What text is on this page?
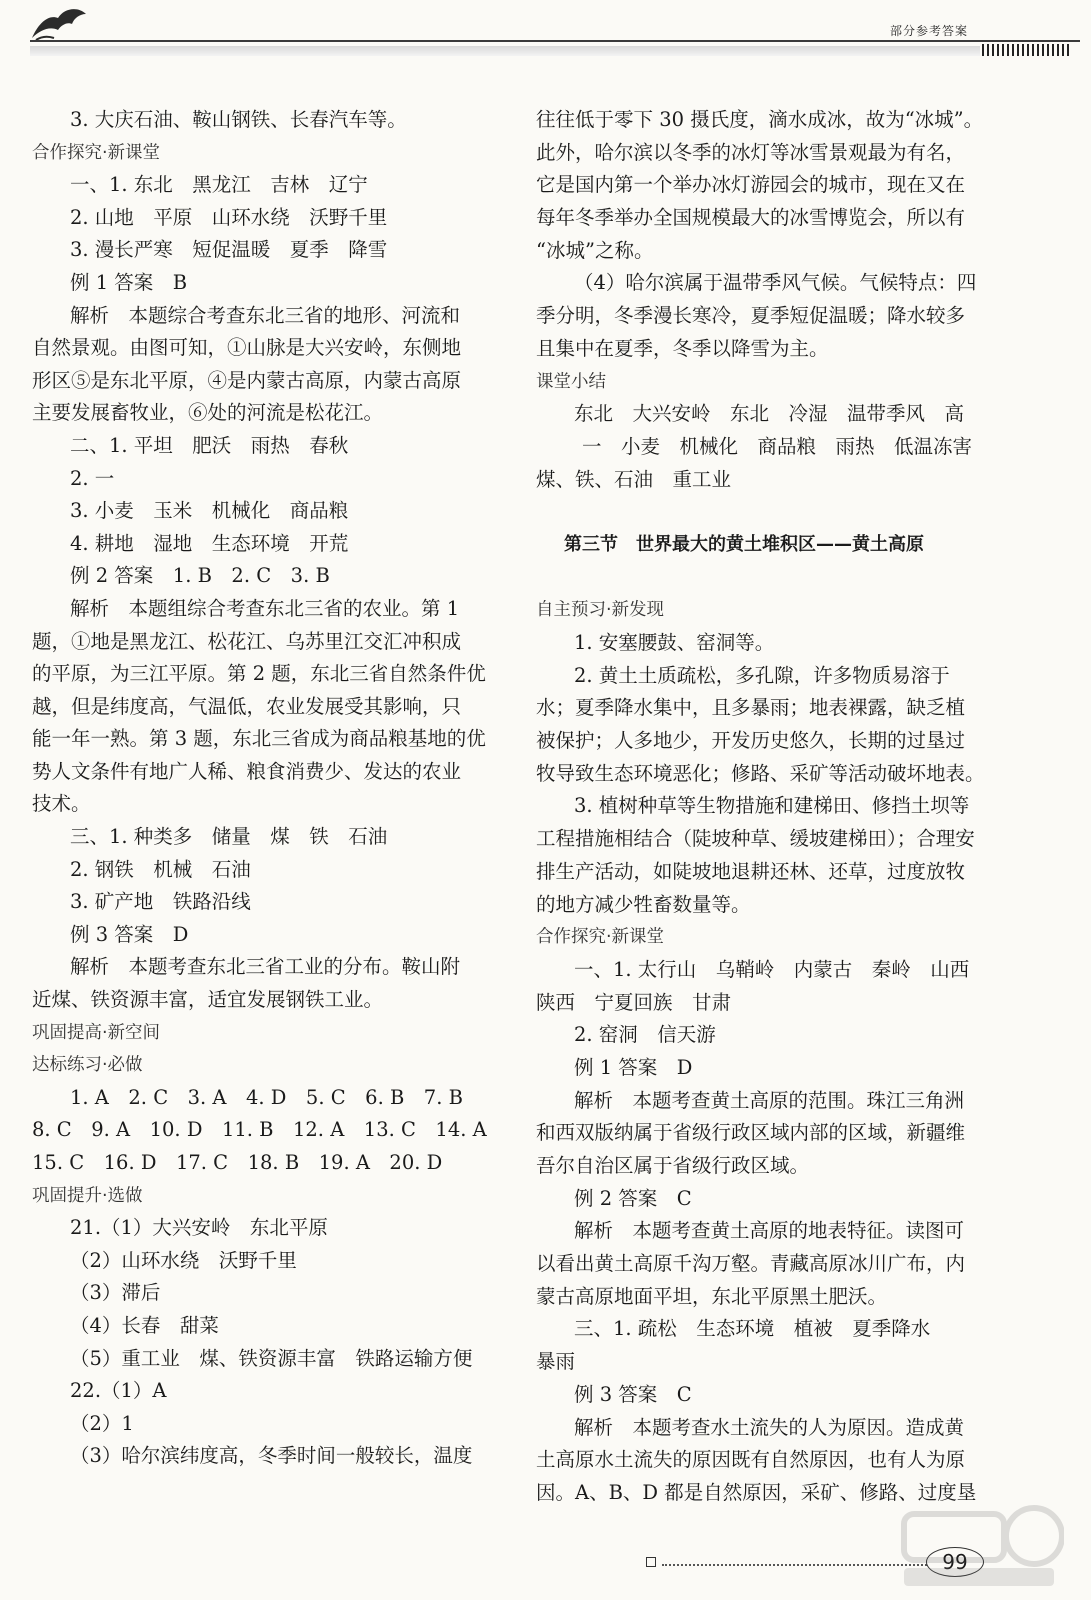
部分参考答案
3. 大庆石油、鞍山钢铁、长春汽车等。
合作探究·新课堂
一、1. 东北　黑龙江　吉林　辽宁
2. 山地　平原　山环水绕　沃野千里
3. 漫长严寒　短促温暖　夏季　降雪
例 1 答案　B
解析　本题综合考查东北三省的地形、河流和
自然景观。由图可知，①山脉是大兴安岭，东侧地
形区⑤是东北平原，④是内蒙古高原，内蒙古高原
主要发展畜牧业，⑥处的河流是松花江。
二、1. 平坦　肥沃　雨热　春秋
2. 一
3. 小麦　玉米　机械化　商品粮
4. 耕地　湿地　生态环境　开荒
例 2 答案　1. B　2. C　3. B
解析　本题组综合考查东北三省的农业。第 1
题，①地是黑龙江、松花江、乌苏里江交汇冲积成
的平原，为三江平原。第 2 题，东北三省自然条件优
越，但是纬度高，气温低，农业发展受其影响，只
能一年一熟。第 3 题，东北三省成为商品粮基地的优
势人文条件有地广人稀、粮食消费少、发达的农业
技术。
三、1. 种类多　储量　煤　铁　石油
2. 钢铁　机械　石油
3. 矿产地　铁路沿线
例 3 答案　D
解析　本题考查东北三省工业的分布。鞍山附
近煤、铁资源丰富，适宜发展钢铁工业。
巩固提高·新空间
达标练习·必做
1. A　2. C　3. A　4. D　5. C　6. B　7. B
8. C　9. A　10. D　11. B　12. A　13. C　14. A
15. C　16. D　17. C　18. B　19. A　20. D
巩固提升·选做
21.（1）大兴安岭　东北平原
（2）山环水绕　沃野千里
（3）滞后
（4）长春　甜菜
（5）重工业　煤、铁资源丰富　铁路运输方便
22.（1）A
（2）1
（3）哈尔滨纬度高，冬季时间一般较长，温度
往往低于零下 30 摄氏度，滴水成冰，故为“冰城”。
此外，哈尔滨以冬季的冰灯等冰雪景观最为有名，
它是国内第一个举办冰灯游园会的城市，现在又在
每年冬季举办全国规模最大的冰雪博览会，所以有
“冰城”之称。
（4）哈尔滨属于温带季风气候。气候特点：四
季分明，冬季漫长寒冷，夏季短促温暖；降水较多
且集中在夏季，冬季以降雪为主。
课堂小结
东北　大兴安岭　东北　冷湿　温带季风　高
一　小麦　机械化　商品粮　雨热　低温冻害
煤、铁、石油　重工业
第三节　世界最大的黄土堆积区——黄土高原
自主预习·新发现
1. 安塞腰鼓、窑洞等。
2. 黄土土质疏松，多孔隙，许多物质易溶于
水；夏季降水集中，且多暴雨；地表裸露，缺乏植
被保护；人多地少，开发历史悠久，长期的过垦过
牧导致生态环境恶化；修路、采矿等活动破坏地表。
3. 植树种草等生物措施和建梯田、修挡土坝等
工程措施相结合（陡坡种草、缓坡建梯田）；合理安
排生产活动，如陡坡地退耕还林、还草，过度放牧
的地方减少牲畜数量等。
合作探究·新课堂
一、1. 太行山　乌鞘岭　内蒙古　秦岭　山西
陕西　宁夏回族　甘肃
2. 窑洞　信天游
例 1 答案　D
解析　本题考查黄土高原的范围。珠江三角洲
和西双版纳属于省级行政区域内部的区域，新疆维
吾尔自治区属于省级行政区域。
例 2 答案　C
解析　本题考查黄土高原的地表特征。读图可
以看出黄土高原千沟万壑。青藏高原冰川广布，内
蒙古高原地面平坦，东北平原黑土肥沃。
三、1. 疏松　生态环境　植被　夏季降水
暴雨
例 3 答案　C
解析　本题考查水土流失的人为原因。造成黄
土高原水土流失的原因既有自然原因，也有人为原
因。A、B、D 都是自然原因，采矿、修路、过度垦
99
